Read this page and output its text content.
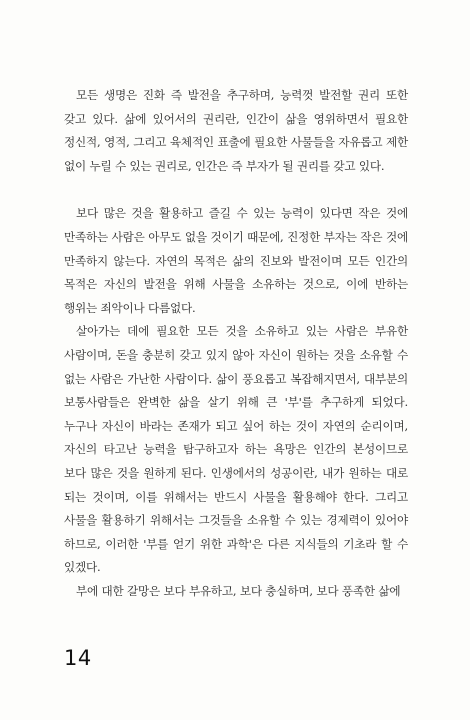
모든 생명은 진화 즉 발전을 추구하며, 능력껏 발전할 권리 또한 갖고 있다. 삶에 있어서의 권리란, 인간이 삶을 영위하면서 필요한 정신적, 영적, 그리고 육체적인 표출에 필요한 사물들을 자유롭고 제한 없이 누릴 수 있는 권리로, 인간은 즉 부자가 될 권리를 갖고 있다.

보다 많은 것을 활용하고 즐길 수 있는 능력이 있다면 작은 것에 만족하는 사람은 아무도 없을 것이기 때문에, 진정한 부자는 작은 것에 만족하지 않는다. 자연의 목적은 삶의 진보와 발전이며 모든 인간의 목적은 자신의 발전을 위해 사물을 소유하는 것으로, 이에 반하는 행위는 죄악이나 다름없다.

살아가는 데에 필요한 모든 것을 소유하고 있는 사람은 부유한 사람이며, 돈을 충분히 갖고 있지 않아 자신이 원하는 것을 소유할 수 없는 사람은 가난한 사람이다. 삶이 풍요롭고 복잡해지면서, 대부분의 보통사람들은 완벽한 삶을 살기 위해 큰 '부'를 추구하게 되었다. 누구나 자신이 바라는 존재가 되고 싶어 하는 것이 자연의 순리이며, 자신의 타고난 능력을 탐구하고자 하는 욕망은 인간의 본성이므로 보다 많은 것을 원하게 된다. 인생에서의 성공이란, 내가 원하는 대로 되는 것이며, 이를 위해서는 반드시 사물을 활용해야 한다. 그리고 사물을 활용하기 위해서는 그것들을 소유할 수 있는 경제력이 있어야 하므로, 이러한 '부를 얻기 위한 과학'은 다른 지식들의 기초라 할 수 있겠다.

부에 대한 갈망은 보다 부유하고, 보다 충실하며, 보다 풍족한 삶에

14
